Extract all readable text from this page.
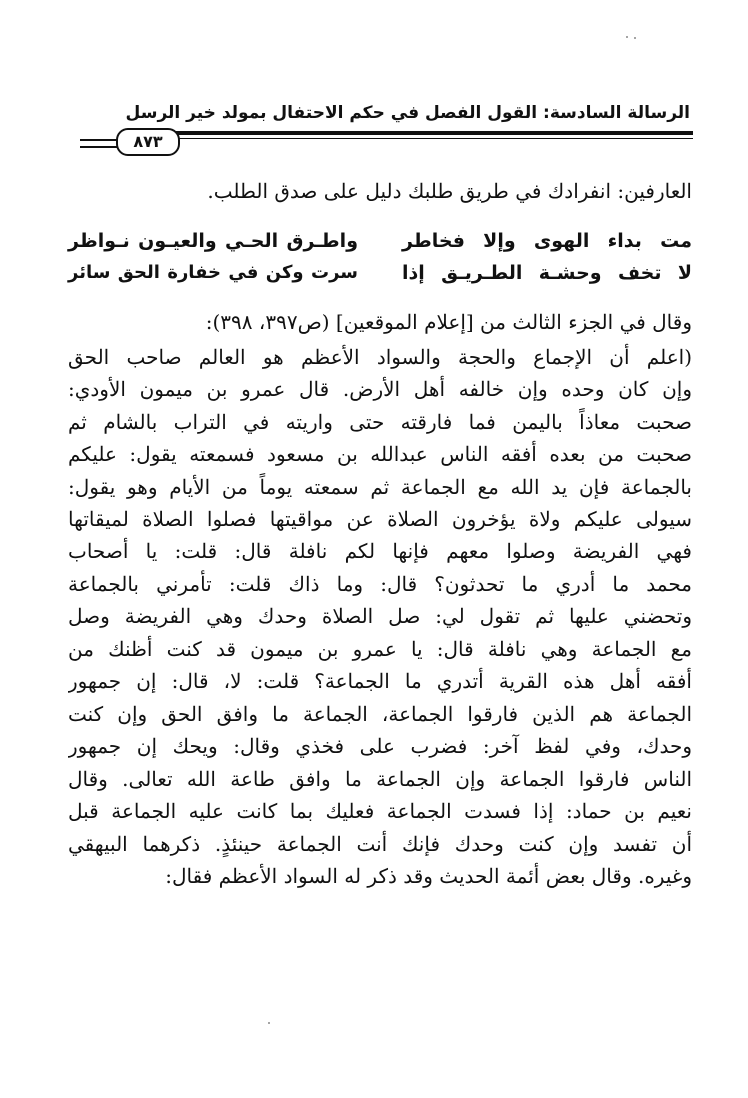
الرسالة السادسة: القول الفصل في حكم الاحتفال بمولد خير الرسل
٨٧٣
العارفين: انفرادك في طريق طلبك دليل على صدق الطلب.
مت بداء الهوى وإلا فخاطر
واطـرق الحـي والعيـون نـواظر
لا تخف وحشـة الطـريـق إذا
سرت وكن في خفارة الحق سائر
وقال في الجزء الثالث من [إعلام الموقعين] (ص٣٩٧، ٣٩٨):
(اعلم أن الإجماع والحجة والسواد الأعظم هو العالم صاحب الحق
وإن كان وحده وإن خالفه أهل الأرض. قال عمرو بن ميمون الأودي:
صحبت معاذاً باليمن فما فارقته حتى واريته في التراب بالشام ثم
صحبت من بعده أفقه الناس عبدالله بن مسعود فسمعته يقول: عليكم
بالجماعة فإن يد الله مع الجماعة ثم سمعته يوماً من الأيام وهو يقول:
سيولى عليكم ولاة يؤخرون الصلاة عن مواقيتها فصلوا الصلاة لميقاتها
فهي الفريضة وصلوا معهم فإنها لكم نافلة قال: قلت: يا أصحاب
محمد ما أدري ما تحدثون؟ قال: وما ذاك قلت: تأمرني بالجماعة
وتحضني عليها ثم تقول لي: صل الصلاة وحدك وهي الفريضة وصل
مع الجماعة وهي نافلة قال: يا عمرو بن ميمون قد كنت أظنك من
أفقه أهل هذه القرية أتدري ما الجماعة؟ قلت: لا، قال: إن جمهور
الجماعة هم الذين فارقوا الجماعة، الجماعة ما وافق الحق وإن كنت
وحدك، وفي لفظ آخر: فضرب على فخذي وقال: ويحك إن جمهور
الناس فارقوا الجماعة وإن الجماعة ما وافق طاعة الله تعالى. وقال
نعيم بن حماد: إذا فسدت الجماعة فعليك بما كانت عليه الجماعة قبل
أن تفسد وإن كنت وحدك فإنك أنت الجماعة حينئذٍ. ذكرهما البيهقي
وغيره. وقال بعض أئمة الحديث وقد ذكر له السواد الأعظم فقال:
